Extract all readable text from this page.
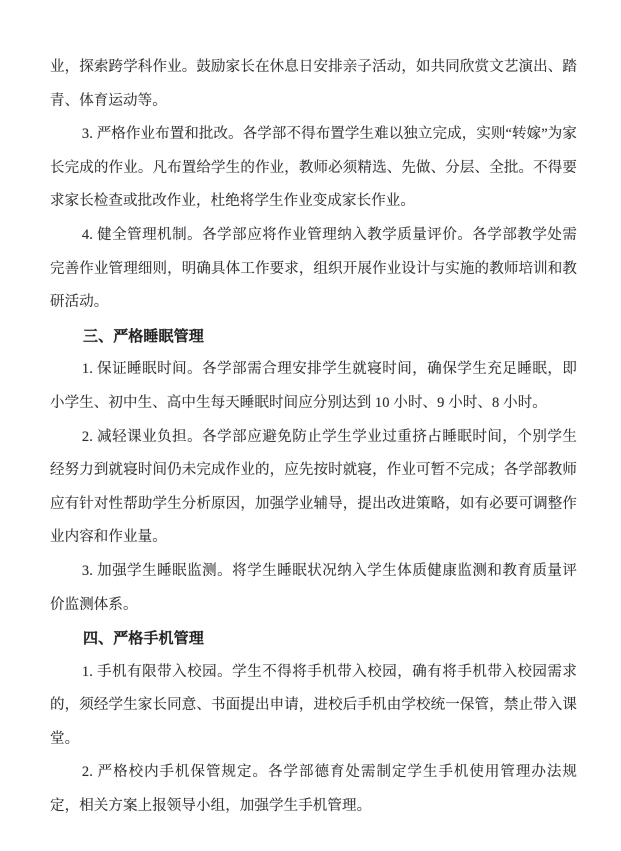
业，探索跨学科作业。鼓励家长在休息日安排亲子活动，如共同欣赏文艺演出、踏青、体育运动等。

3. 严格作业布置和批改。各学部不得布置学生难以独立完成，实则“转嫁”为家长完成的作业。凡布置给学生的作业，教师必须精选、先做、分层、全批。不得要求家长检查或批改作业，杜绝将学生作业变成家长作业。

4. 健全管理机制。各学部应将作业管理纳入教学质量评价。各学部教学处需完善作业管理细则，明确具体工作要求，组织开展作业设计与实施的教师培训和教研活动。

三、严格睡眠管理

1. 保证睡眠时间。各学部需合理安排学生就寝时间，确保学生充足睡眠，即小学生、初中生、高中生每天睡眠时间应分别达到 10 小时、9 小时、8 小时。

2. 减轻课业负担。各学部应避免防止学生学业过重挤占睡眠时间，个别学生经努力到就寝时间仍未完成作业的，应先按时就寝，作业可暂不完成；各学部教师应有针对性帮助学生分析原因，加强学业辅导，提出改进策略，如有必要可调整作业内容和作业量。

3. 加强学生睡眠监测。将学生睡眠状况纳入学生体质健康监测和教育质量评价监测体系。

四、严格手机管理

1. 手机有限带入校园。学生不得将手机带入校园，确有将手机带入校园需求的，须经学生家长同意、书面提出申请，进校后手机由学校统一保管，禁止带入课堂。

2. 严格校内手机保管规定。各学部德育处需制定学生手机使用管理办法规定，相关方案上报领导小组，加强学生手机管理。
